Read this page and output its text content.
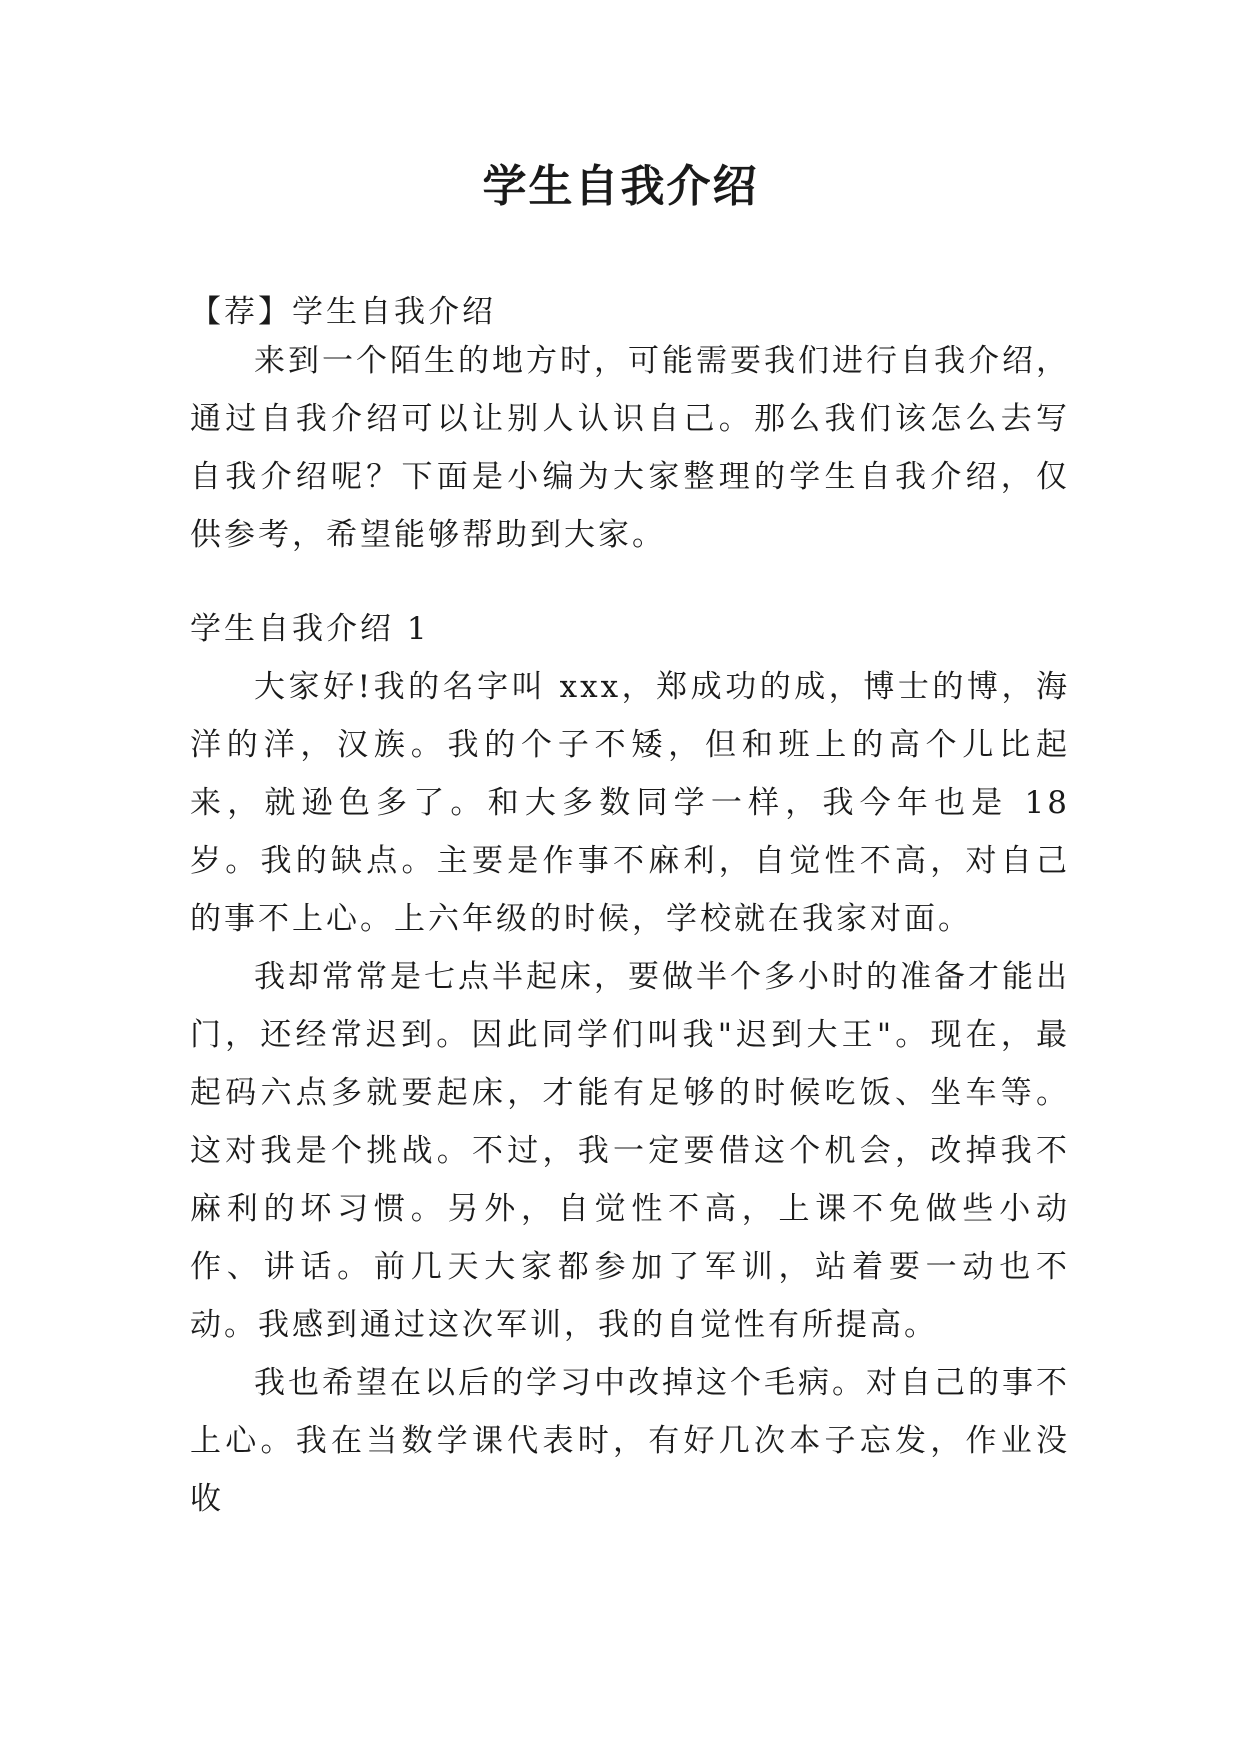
学生自我介绍
【荐】学生自我介绍

来到一个陌生的地方时，可能需要我们进行自我介绍，通过自我介绍可以让别人认识自己。那么我们该怎么去写自我介绍呢？下面是小编为大家整理的学生自我介绍，仅供参考，希望能够帮助到大家。

学生自我介绍 1

大家好!我的名字叫 xxx，郑成功的成，博士的博，海洋的洋，汉族。我的个子不矮，但和班上的高个儿比起来，就逊色多了。和大多数同学一样，我今年也是 18 岁。我的缺点。主要是作事不麻利，自觉性不高，对自己的事不上心。上六年级的时候，学校就在我家对面。

我却常常是七点半起床，要做半个多小时的准备才能出门，还经常迟到。因此同学们叫我"迟到大王"。现在，最起码六点多就要起床，才能有足够的时候吃饭、坐车等。这对我是个挑战。不过，我一定要借这个机会，改掉我不麻利的坏习惯。另外，自觉性不高，上课不免做些小动作、讲话。前几天大家都参加了军训，站着要一动也不动。我感到通过这次军训，我的自觉性有所提高。

我也希望在以后的学习中改掉这个毛病。对自己的事不上心。我在当数学课代表时，有好几次本子忘发，作业没收
